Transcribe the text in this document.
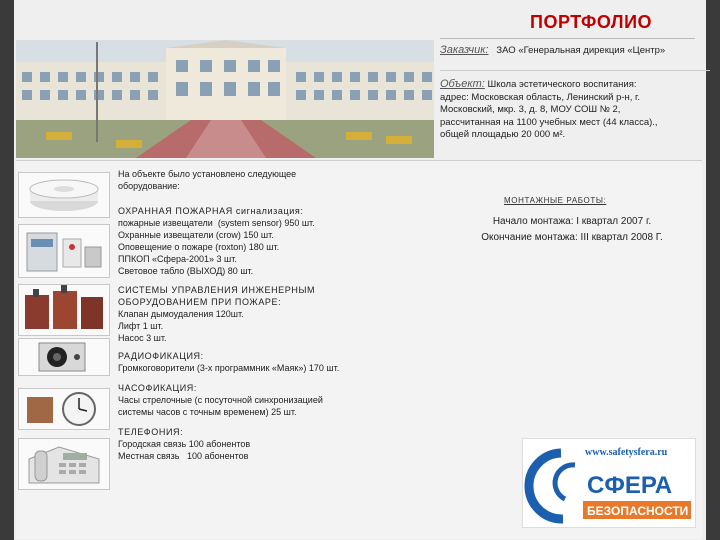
ПОРТФОЛИО
Заказчик: ЗАО «Генеральная дирекция «Центр»
Объект: Школа эстетического воспитания:
адрес: Московская область, Ленинский р-н, г.
Московский, мкр. 3, д. 8, МОУ СОШ № 2,
рассчитанная на 1100 учебных мест (44 класса).,
общей площадью 20 000 м².
На объекте было установлено следующее
оборудование:
ОХРАННАЯ ПОЖАРНАЯ сигнализация:
пожарные извещатели  (system sensor) 950 шт.
Охранные извещатели (crow) 150 шт.
Оповещение о пожаре (roxton) 180 шт.
ППКОП «Сфера-2001» 3 шт.
Световое табло (ВЫХОД) 80 шт.
СИСТЕМЫ УПРАВЛЕНИЯ ИНЖЕНЕРНЫМ
ОБОРУДОВАНИЕМ ПРИ ПОЖАРЕ:
Клапан дымоудаления 120шт.
Лифт 1 шт.
Насос 3 шт.
РАДИОФИКАЦИЯ:
Громкоговорители (3-х программник «Маяк») 170 шт.
ЧАСОФИКАЦИЯ:
Часы стрелочные (с посуточной синхронизацией
системы часов с точным временем) 25 шт.
ТЕЛЕФОНИЯ:
Городская связь 100 абонентов
Местная связь   100 абонентов
МОНТАЖНЫЕ РАБОТЫ:
Начало монтажа: I квартал 2007 г.
Окончание монтажа: III квартал 2008 Г.
www.safetysfera.ru
СФЕРА
БЕЗОПАСНОСТИ
